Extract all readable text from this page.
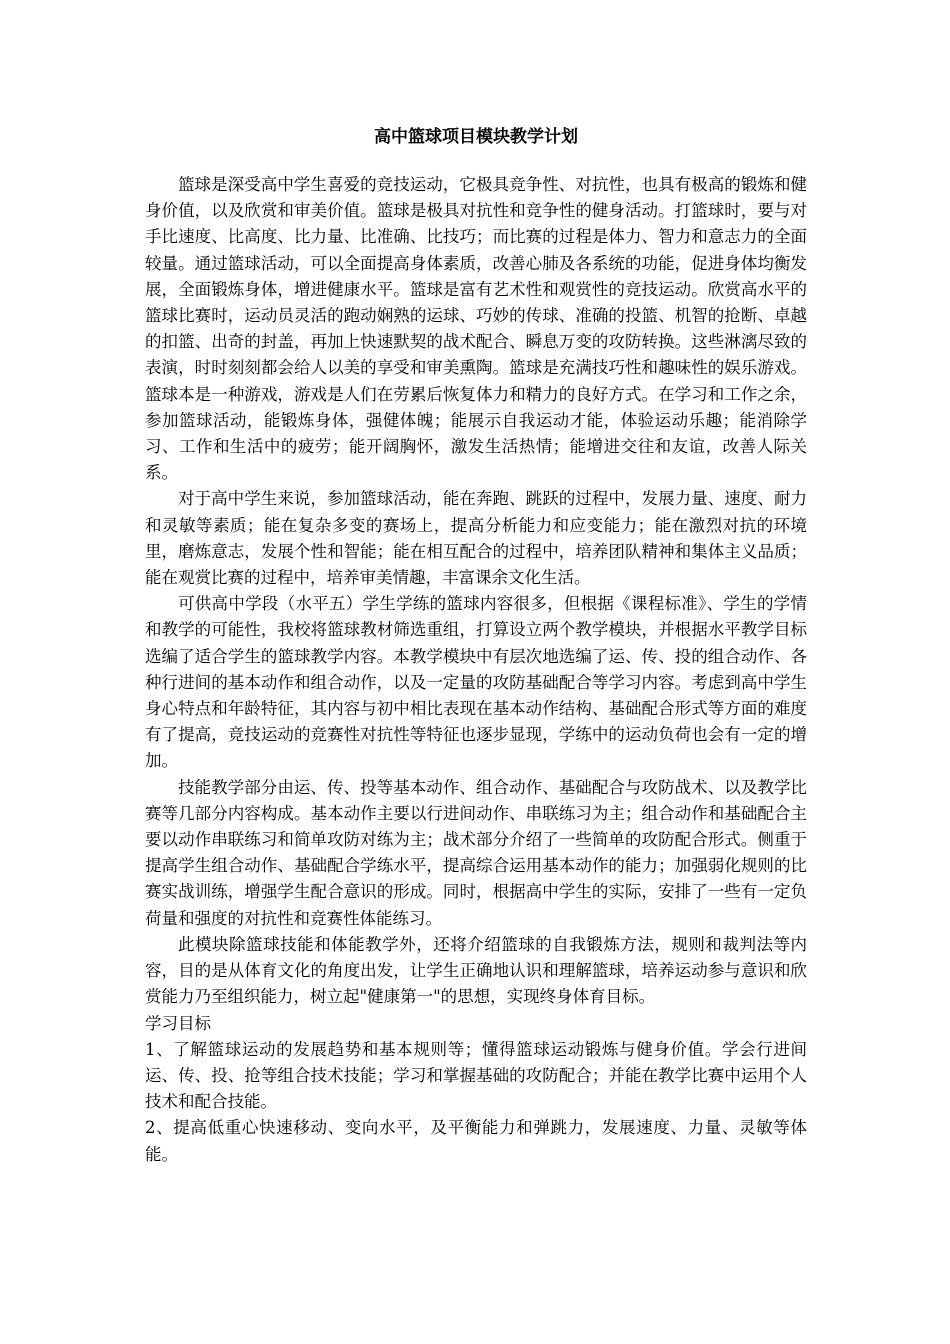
高中篮球项目模块教学计划

篮球是深受高中学生喜爱的竞技运动，它极具竞争性、对抗性，也具有极高的锻炼和健身价值，以及欣赏和审美价值。篮球是极具对抗性和竞争性的健身活动。打篮球时，要与对手比速度、比高度、比力量、比准确、比技巧；而比赛的过程是体力、智力和意志力的全面较量。通过篮球活动，可以全面提高身体素质，改善心肺及各系统的功能，促进身体均衡发展，全面锻炼身体，增进健康水平。篮球是富有艺术性和观赏性的竞技运动。欣赏高水平的篮球比赛时，运动员灵活的跑动娴熟的运球、巧妙的传球、准确的投篮、机智的抢断、卓越的扣篮、出奇的封盖，再加上快速默契的战术配合、瞬息万变的攻防转换。这些淋漓尽致的表演，时时刻刻都会给人以美的享受和审美熏陶。篮球是充满技巧性和趣味性的娱乐游戏。篮球本是一种游戏，游戏是人们在劳累后恢复体力和精力的良好方式。在学习和工作之余，参加篮球活动，能锻炼身体，强健体魄；能展示自我运动才能，体验运动乐趣；能消除学习、工作和生活中的疲劳；能开阔胸怀，激发生活热情；能增进交往和友谊，改善人际关系。

对于高中学生来说，参加篮球活动，能在奔跑、跳跃的过程中，发展力量、速度、耐力和灵敏等素质；能在复杂多变的赛场上，提高分析能力和应变能力；能在激烈对抗的环境里，磨炼意志，发展个性和智能；能在相互配合的过程中，培养团队精神和集体主义品质；能在观赏比赛的过程中，培养审美情趣，丰富课余文化生活。

可供高中学段（水平五）学生学练的篮球内容很多，但根据《课程标准》、学生的学情和教学的可能性，我校将篮球教材筛选重组，打算设立两个教学模块，并根据水平教学目标选编了适合学生的篮球教学内容。本教学模块中有层次地选编了运、传、投的组合动作、各种行进间的基本动作和组合动作，以及一定量的攻防基础配合等学习内容。考虑到高中学生身心特点和年龄特征，其内容与初中相比表现在基本动作结构、基础配合形式等方面的难度有了提高，竞技运动的竞赛性对抗性等特征也逐步显现，学练中的运动负荷也会有一定的增加。

技能教学部分由运、传、投等基本动作、组合动作、基础配合与攻防战术、以及教学比赛等几部分内容构成。基本动作主要以行进间动作、串联练习为主；组合动作和基础配合主要以动作串联练习和简单攻防对练为主；战术部分介绍了一些简单的攻防配合形式。侧重于提高学生组合动作、基础配合学练水平，提高综合运用基本动作的能力；加强弱化规则的比赛实战训练，增强学生配合意识的形成。同时，根据高中学生的实际，安排了一些有一定负荷量和强度的对抗性和竞赛性体能练习。

此模块除篮球技能和体能教学外，还将介绍篮球的自我锻炼方法，规则和裁判法等内容，目的是从体育文化的角度出发，让学生正确地认识和理解篮球，培养运动参与意识和欣赏能力乃至组织能力，树立起"健康第一"的思想，实现终身体育目标。

学习目标

1、了解篮球运动的发展趋势和基本规则等；懂得篮球运动锻炼与健身价值。学会行进间运、传、投、抢等组合技术技能；学习和掌握基础的攻防配合；并能在教学比赛中运用个人技术和配合技能。

2、提高低重心快速移动、变向水平，及平衡能力和弹跳力，发展速度、力量、灵敏等体能。
